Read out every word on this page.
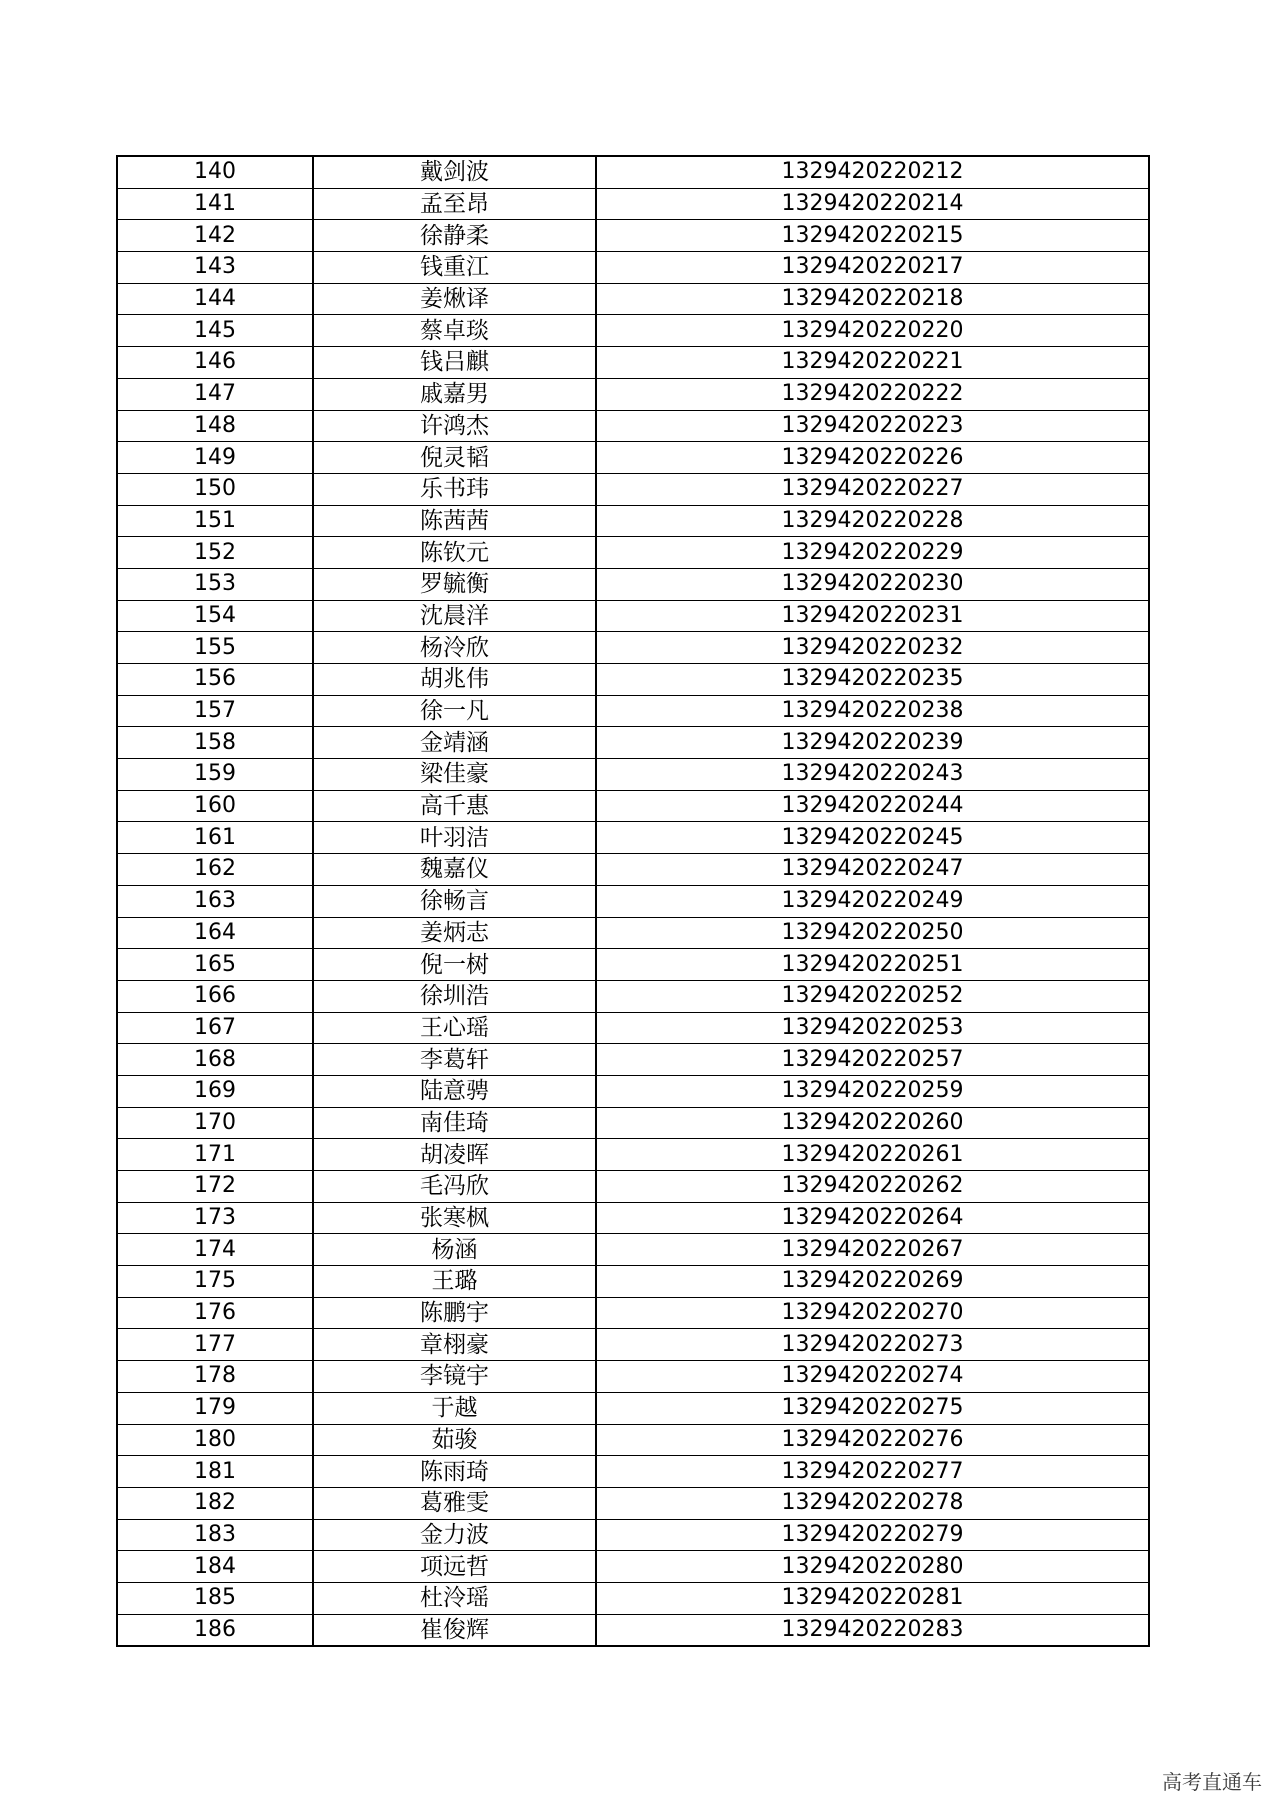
140	戴剑波	1329420220212
141	孟至昂	1329420220214
142	徐静柔	1329420220215
143	钱重江	1329420220217
144	姜煍译	1329420220218
145	蔡卓琰	1329420220220
146	钱吕麒	1329420220221
147	戚嘉男	1329420220222
148	许鸿杰	1329420220223
149	倪灵韬	1329420220226
150	乐书玮	1329420220227
151	陈茜茜	1329420220228
152	陈钦元	1329420220229
153	罗毓衡	1329420220230
154	沈晨洋	1329420220231
155	杨泠欣	1329420220232
156	胡兆伟	1329420220235
157	徐一凡	1329420220238
158	金靖涵	1329420220239
159	梁佳豪	1329420220243
160	高千惠	1329420220244
161	叶羽洁	1329420220245
162	魏嘉仪	1329420220247
163	徐畅言	1329420220249
164	姜炳志	1329420220250
165	倪一树	1329420220251
166	徐圳浩	1329420220252
167	王心瑶	1329420220253
168	李葛轩	1329420220257
169	陆意骋	1329420220259
170	南佳琦	1329420220260
171	胡凌晖	1329420220261
172	毛冯欣	1329420220262
173	张寒枫	1329420220264
174	杨涵	1329420220267
175	王璐	1329420220269
176	陈鹏宇	1329420220270
177	章栩豪	1329420220273
178	李镜宇	1329420220274
179	于越	1329420220275
180	茹骏	1329420220276
181	陈雨琦	1329420220277
182	葛雅雯	1329420220278
183	金力波	1329420220279
184	项远哲	1329420220280
185	杜泠瑶	1329420220281
186	崔俊辉	1329420220283
高考直通车
